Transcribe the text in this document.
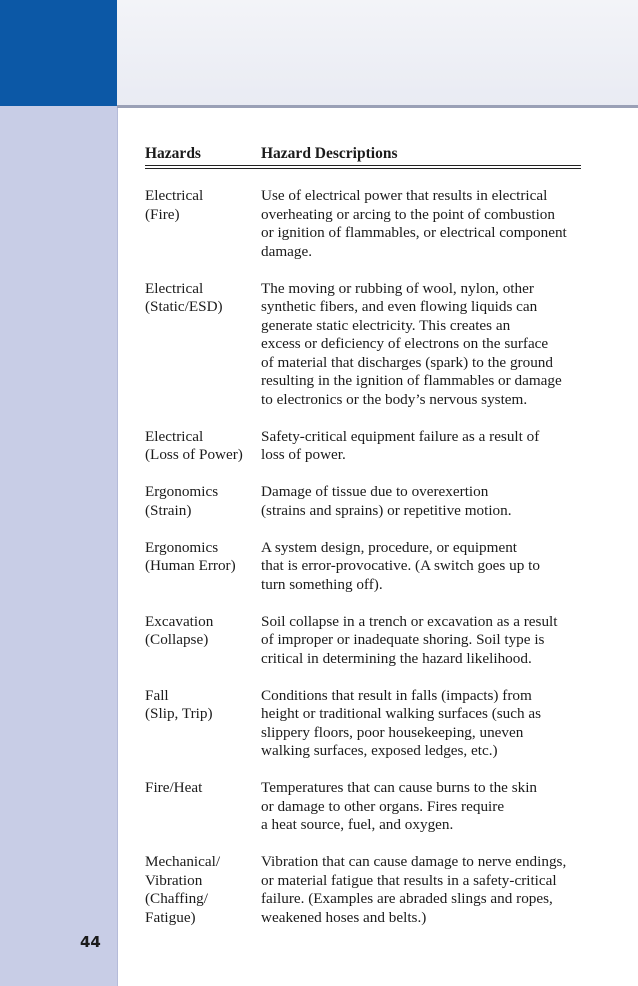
Hazards	Hazard Descriptions
Electrical
(Fire)
Use of electrical power that results in electrical
overheating or arcing to the point of combustion
or ignition of flammables, or electrical component
damage.
Electrical
(Static/ESD)
The moving or rubbing of wool, nylon, other
synthetic fibers, and even flowing liquids can
generate static electricity. This creates an
excess or deficiency of electrons on the surface
of material that discharges (spark) to the ground
resulting in the ignition of flammables or damage
to electronics or the body’s nervous system.
Electrical
(Loss of Power)
Safety-critical equipment failure as a result of
loss of power.
Ergonomics
(Strain)
Damage of tissue due to overexertion
(strains and sprains) or repetitive motion.
Ergonomics
(Human Error)
A system design, procedure, or equipment
that is error-provocative. (A switch goes up to
turn something off).
Excavation
(Collapse)
Soil collapse in a trench or excavation as a result
of improper or inadequate shoring. Soil type is
critical in determining the hazard likelihood.
Fall
(Slip, Trip)
Conditions that result in falls (impacts) from
height or traditional walking surfaces (such as
slippery floors, poor housekeeping, uneven
walking surfaces, exposed ledges, etc.)
Fire/Heat	Temperatures that can cause burns to the skin
or damage to other organs. Fires require
a heat source, fuel, and oxygen.
Mechanical/
Vibration
(Chaffing/
Fatigue)
Vibration that can cause damage to nerve endings,
or material fatigue that results in a safety-critical
failure. (Examples are abraded slings and ropes,
weakened hoses and belts.)
44
